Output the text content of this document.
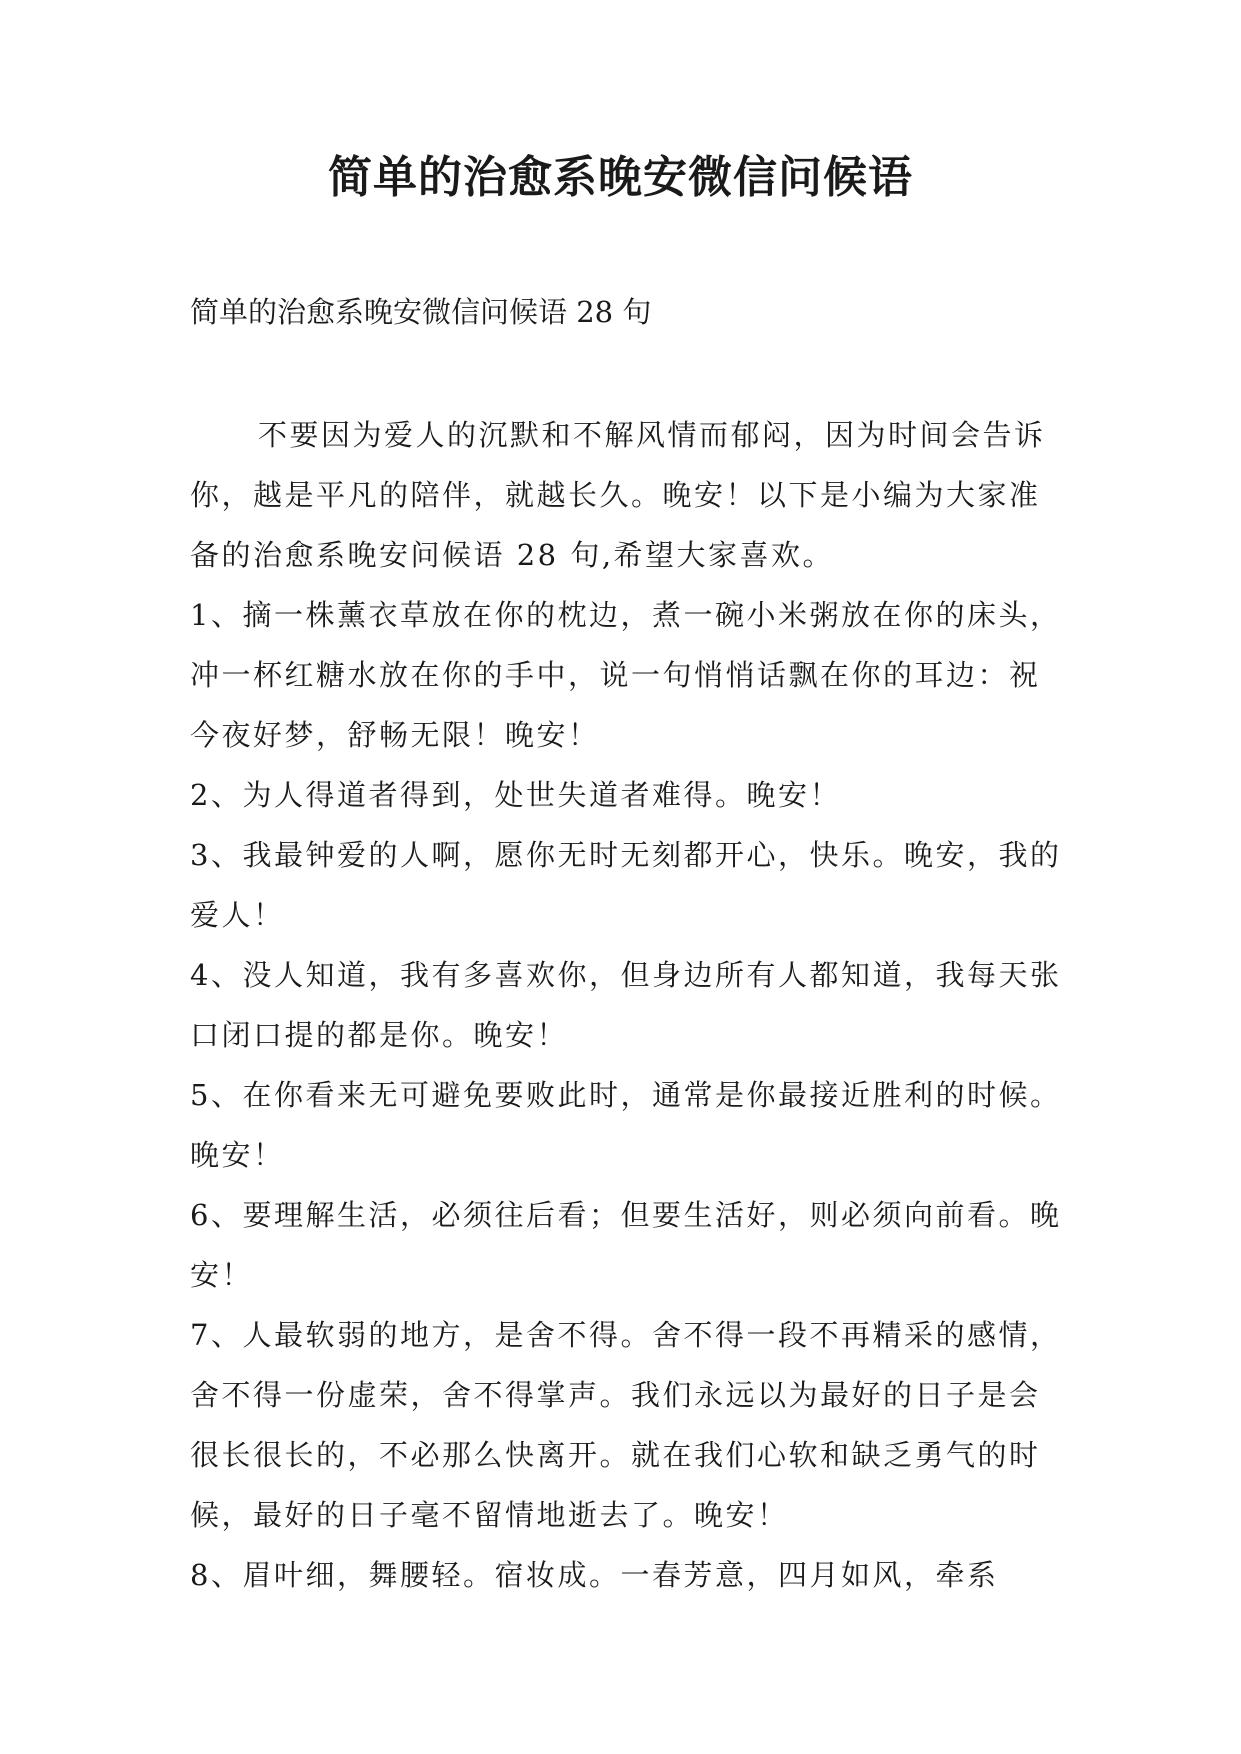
简单的治愈系晚安微信问候语
简单的治愈系晚安微信问候语 28 句

不要因为爱人的沉默和不解风情而郁闷，因为时间会告诉你，越是平凡的陪伴，就越长久。晚安！以下是小编为大家准备的治愈系晚安问候语 28 句,希望大家喜欢。

1、摘一株薰衣草放在你的枕边，煮一碗小米粥放在你的床头，冲一杯红糖水放在你的手中，说一句悄悄话飘在你的耳边：祝今夜好梦，舒畅无限！晚安！

2、为人得道者得到，处世失道者难得。晚安！

3、我最钟爱的人啊，愿你无时无刻都开心，快乐。晚安，我的爱人！

4、没人知道，我有多喜欢你，但身边所有人都知道，我每天张口闭口提的都是你。晚安！

5、在你看来无可避免要败此时，通常是你最接近胜利的时候。晚安！

6、要理解生活，必须往后看；但要生活好，则必须向前看。晚安！

7、人最软弱的地方，是舍不得。舍不得一段不再精采的感情，舍不得一份虚荣，舍不得掌声。我们永远以为最好的日子是会很长很长的，不必那么快离开。就在我们心软和缺乏勇气的时候，最好的日子毫不留情地逝去了。晚安！

8、眉叶细，舞腰轻。宿妆成。一春芳意，四月如风，牵系
